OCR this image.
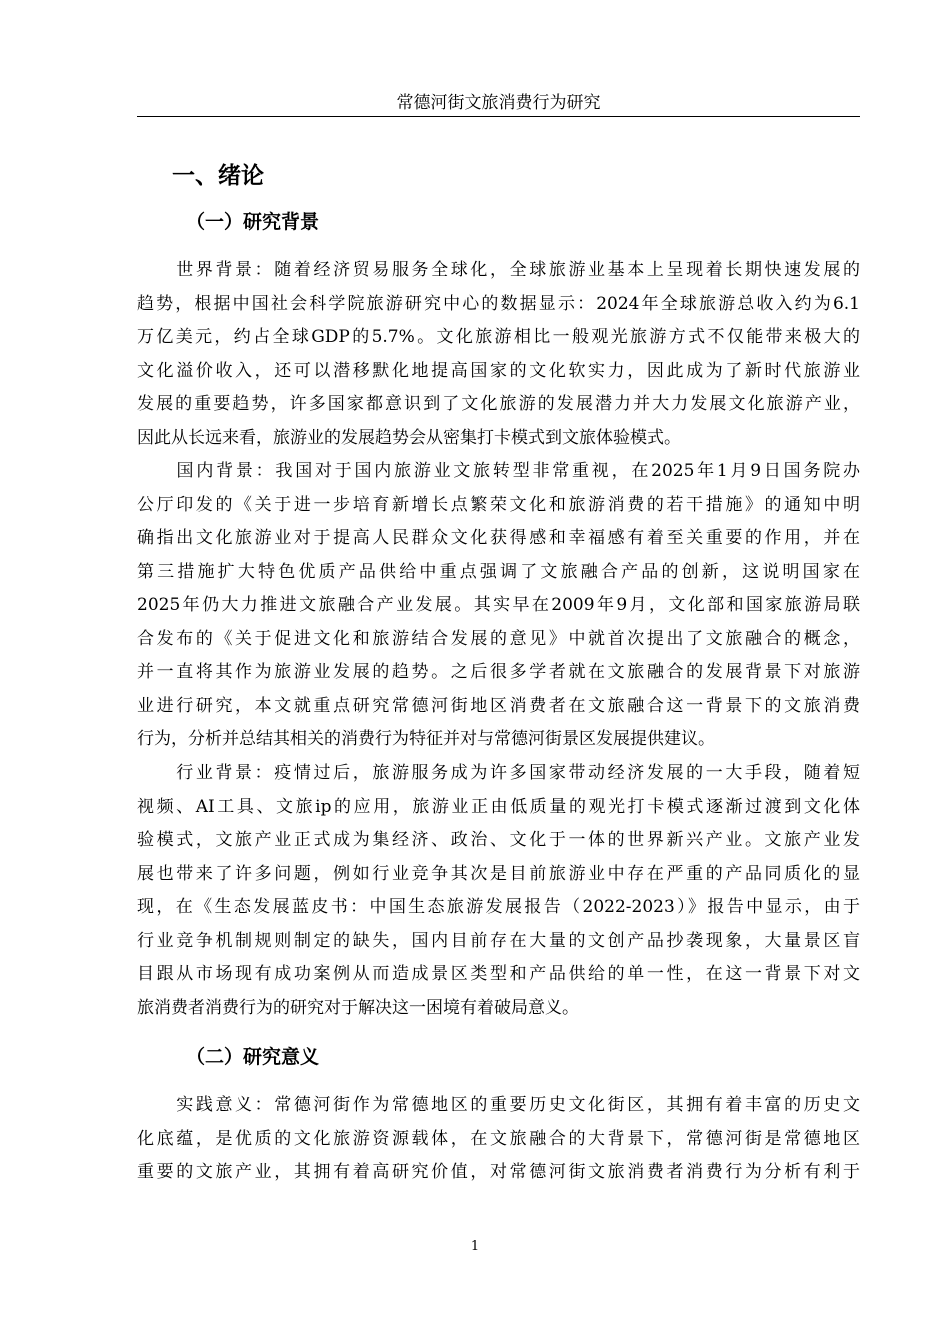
常德河街文旅消费行为研究
一、绪论
（一）研究背景
　　世界背景：随着经济贸易服务全球化，全球旅游业基本上呈现着长期快速发展的
趋势，根据中国社会科学院旅游研究中心的数据显示：2024年全球旅游总收入约为6.1
万亿美元，约占全球GDP的5.7%。文化旅游相比一般观光旅游方式不仅能带来极大的
文化溢价收入，还可以潜移默化地提高国家的文化软实力，因此成为了新时代旅游业
发展的重要趋势，许多国家都意识到了文化旅游的发展潜力并大力发展文化旅游产业，
因此从长远来看，旅游业的发展趋势会从密集打卡模式到文旅体验模式。
　　国内背景：我国对于国内旅游业文旅转型非常重视，在2025年1月9日国务院办
公厅印发的《关于进一步培育新增长点繁荣文化和旅游消费的若干措施》的通知中明
确指出文化旅游业对于提高人民群众文化获得感和幸福感有着至关重要的作用，并在
第三措施扩大特色优质产品供给中重点强调了文旅融合产品的创新，这说明国家在
2025年仍大力推进文旅融合产业发展。其实早在2009年9月，文化部和国家旅游局联
合发布的《关于促进文化和旅游结合发展的意见》中就首次提出了文旅融合的概念，
并一直将其作为旅游业发展的趋势。之后很多学者就在文旅融合的发展背景下对旅游
业进行研究，本文就重点研究常德河街地区消费者在文旅融合这一背景下的文旅消费
行为，分析并总结其相关的消费行为特征并对与常德河街景区发展提供建议。
　　行业背景：疫情过后，旅游服务成为许多国家带动经济发展的一大手段，随着短
视频、AI工具、文旅ip的应用，旅游业正由低质量的观光打卡模式逐渐过渡到文化体
验模式，文旅产业正式成为集经济、政治、文化于一体的世界新兴产业。文旅产业发
展也带来了许多问题，例如行业竞争其次是目前旅游业中存在严重的产品同质化的显
现，在《生态发展蓝皮书：中国生态旅游发展报告（2022-2023）》报告中显示，由于
行业竞争机制规则制定的缺失，国内目前存在大量的文创产品抄袭现象，大量景区盲
目跟从市场现有成功案例从而造成景区类型和产品供给的单一性，在这一背景下对文
旅消费者消费行为的研究对于解决这一困境有着破局意义。
（二）研究意义
　　实践意义：常德河街作为常德地区的重要历史文化街区，其拥有着丰富的历史文
化底蕴，是优质的文化旅游资源载体，在文旅融合的大背景下，常德河街是常德地区
重要的文旅产业，其拥有着高研究价值，对常德河街文旅消费者消费行为分析有利于
1
